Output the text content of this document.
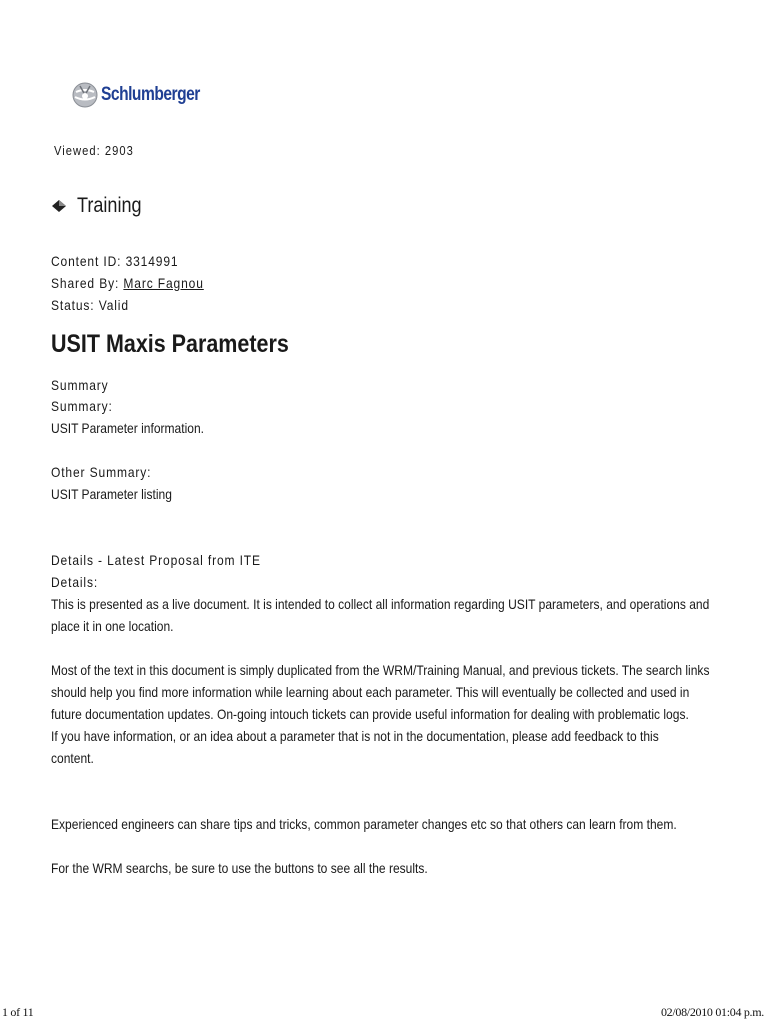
Schlumberger
Viewed: 2903
Training
Content ID: 3314991
Shared By: Marc Fagnou
Status: Valid
USIT Maxis Parameters
Summary
Summary:
USIT Parameter information.
Other Summary:
USIT Parameter listing
Details - Latest Proposal from ITE
Details:
This is presented as a live document. It is intended to collect all information regarding USIT parameters, and operations and
place it in one location.
Most of the text in this document is simply duplicated from the WRM/Training Manual, and previous tickets. The search links
should help you find more information while learning about each parameter. This will eventually be collected and used in
future documentation updates. On-going intouch tickets can provide useful information for dealing with problematic logs.
If you have information, or an idea about a parameter that is not in the documentation, please add feedback to this
content.
Experienced engineers can share tips and tricks, common parameter changes etc so that others can learn from them.
For the WRM searchs, be sure to use the buttons to see all the results.
1 of 11	02/08/2010 01:04 p.m.
